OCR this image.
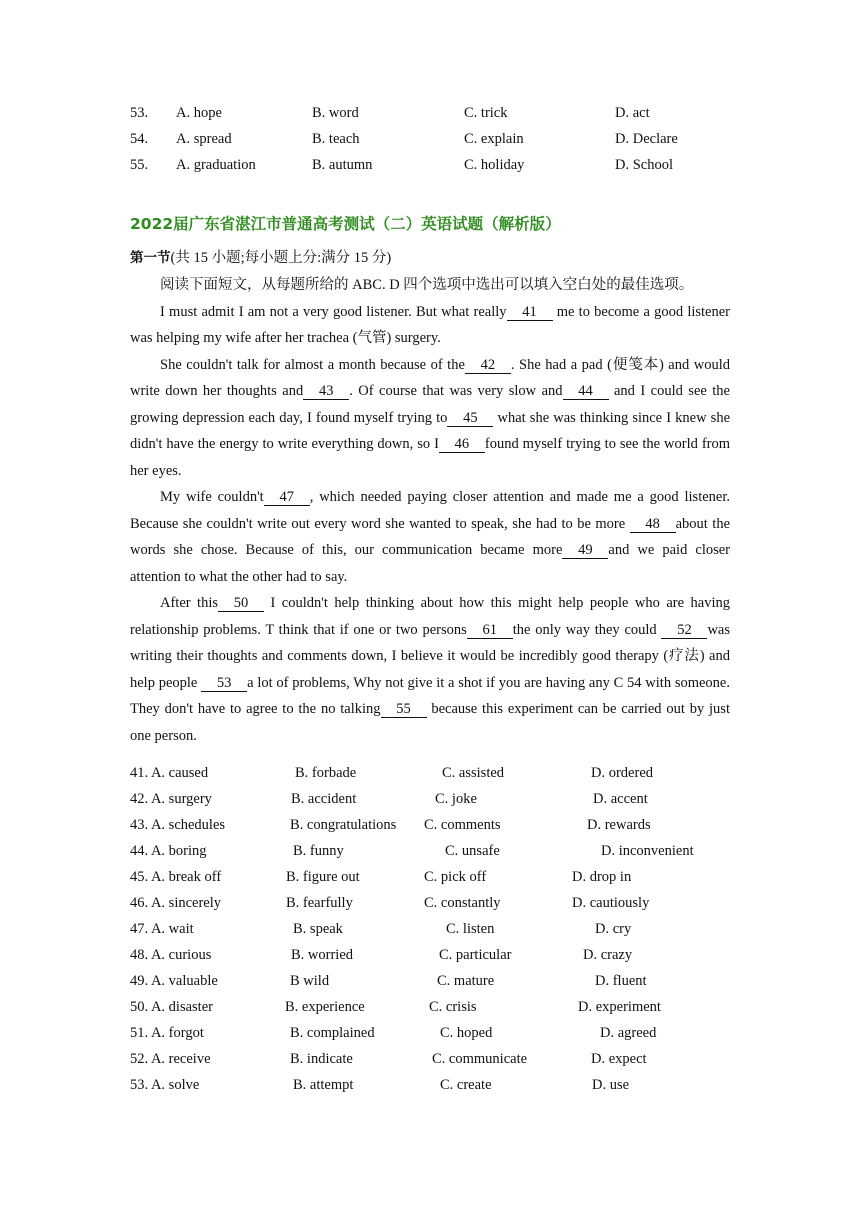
53. A. hope	B. word	C. trick	D. act
54. A. spread	B. teach	C. explain	D. Declare
55. A. graduation	B. autumn	C. holiday	D. School
2022届广东省湛江市普通高考测试（二）英语试题（解析版）
第一节(共 15 小题;每小题上分:满分 15 分)

阅读下面短文，从每题所给的 ABC. D 四个选项中选出可以填入空白处的最佳选项。

I must admit I am not a very good listener. But what really 41 me to become a good listener was helping my wife after her trachea (气管) surgery.

She couldn't talk for almost a month because of the 42 . She had a pad (便笺本) and would write down her thoughts and 43 . Of course that was very slow and 44 and I could see the growing depression each day, I found myself trying to 45 what she was thinking since I knew she didn't have the energy to write everything down, so I 46 found myself trying to see the world from her eyes.

My wife couldn't 47 , which needed paying closer attention and made me a good listener. Because she couldn't write out every word she wanted to speak, she had to be more 48 about the words she chose. Because of this, our communication became more 49 and we paid closer attention to what the other had to say.

After this 50 I couldn't help thinking about how this might help people who are having relationship problems. T think that if one or two persons 61 the only way they could 52 was writing their thoughts and comments down, I believe it would be incredibly good therapy (疗法) and help people 53 a lot of problems, Why not give it a shot if you are having any C 54 with someone. They don't have to agree to the no talking 55 because this experiment can be carried out by just one person.

41. A. caused	B. forbade	C. assisted	D. ordered
42. A. surgery	B. accident	C. joke	D. accent
43. A. schedules	B. congratulations C. comments	D. rewards
44. A. boring	B. funny	C. unsafe	D. inconvenient
45. A. break off	B. figure out	C. pick off	D. drop in
46. A. sincerely	B. fearfully	C. constantly	D. cautiously
47. A. wait	B. speak	C. listen	D. cry
48. A. curious	B. worried	C. particular	D. crazy
49. A. valuable	B wild	C. mature	D. fluent
50. A. disaster	B. experience	C. crisis	D. experiment
51. A. forgot	B. complained	C. hoped	D. agreed
52. A. receive	B. indicate	C. communicate	D. expect
53. A. solve	B. attempt	C. create	D. use
